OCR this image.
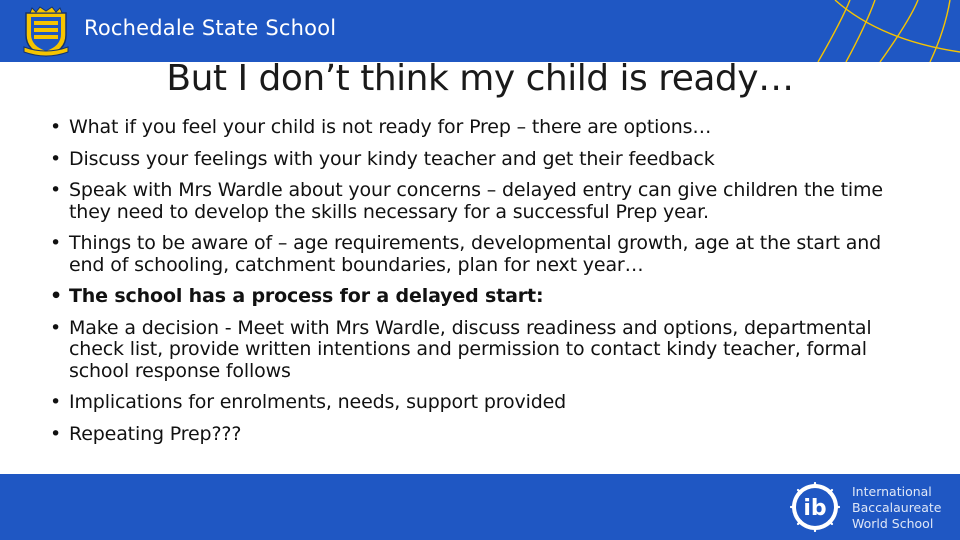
Rochedale State School
But I don’t think my child is ready…
• What if you feel your child is not ready for Prep – there are options…
• Discuss your feelings with your kindy teacher and get their feedback
• Speak with Mrs Wardle about your concerns – delayed entry can give children the time they need to develop the skills necessary for a successful Prep year.
• Things to be aware of – age requirements, developmental growth, age at the start and end of schooling, catchment boundaries, plan for next year…
• The school has a process for a delayed start:
• Make a decision - Meet with Mrs Wardle, discuss readiness and options, departmental check list, provide written intentions and permission to contact kindy teacher, formal school response follows
• Implications for enrolments, needs, support provided
• Repeating Prep???
ib
International
Baccalaureate
World School
